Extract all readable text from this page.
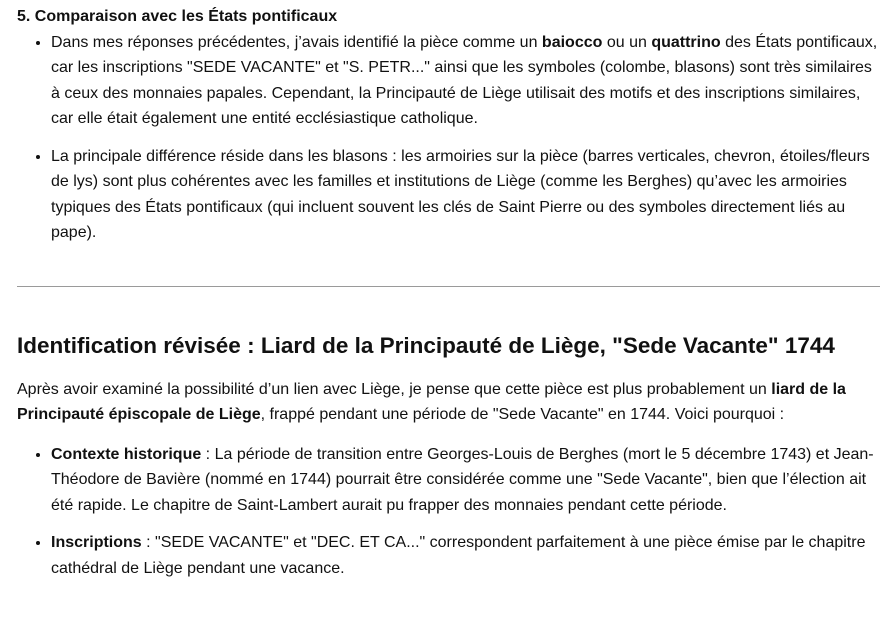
5. Comparaison avec les États pontificaux
• Dans mes réponses précédentes, j’avais identifié la pièce comme un baiocco ou un quattrino des États pontificaux, car les inscriptions "SEDE VACANTE" et "S. PETR..." ainsi que les symboles (colombe, blasons) sont très similaires à ceux des monnaies papales. Cependant, la Principauté de Liège utilisait des motifs et des inscriptions similaires, car elle était également une entité ecclésiastique catholique.
• La principale différence réside dans les blasons : les armoiries sur la pièce (barres verticales, chevron, étoiles/fleurs de lys) sont plus cohérentes avec les familles et institutions de Liège (comme les Berghes) qu’avec les armoiries typiques des États pontificaux (qui incluent souvent les clés de Saint Pierre ou des symboles directement liés au pape).
Identification révisée : Liard de la Principauté de Liège, "Sede Vacante" 1744

Après avoir examiné la possibilité d’un lien avec Liège, je pense que cette pièce est plus probablement un liard de la Principauté épiscopale de Liège, frappé pendant une période de "Sede Vacante" en 1744. Voici pourquoi :

• Contexte historique : La période de transition entre Georges-Louis de Berghes (mort le 5 décembre 1743) et Jean-Théodore de Bavière (nommé en 1744) pourrait être considérée comme une "Sede Vacante", bien que l’élection ait été rapide. Le chapitre de Saint-Lambert aurait pu frapper des monnaies pendant cette période.
• Inscriptions : "SEDE VACANTE" et "DEC. ET CA..." correspondent parfaitement à une pièce émise par le chapitre cathédral de Liège pendant une vacance.
